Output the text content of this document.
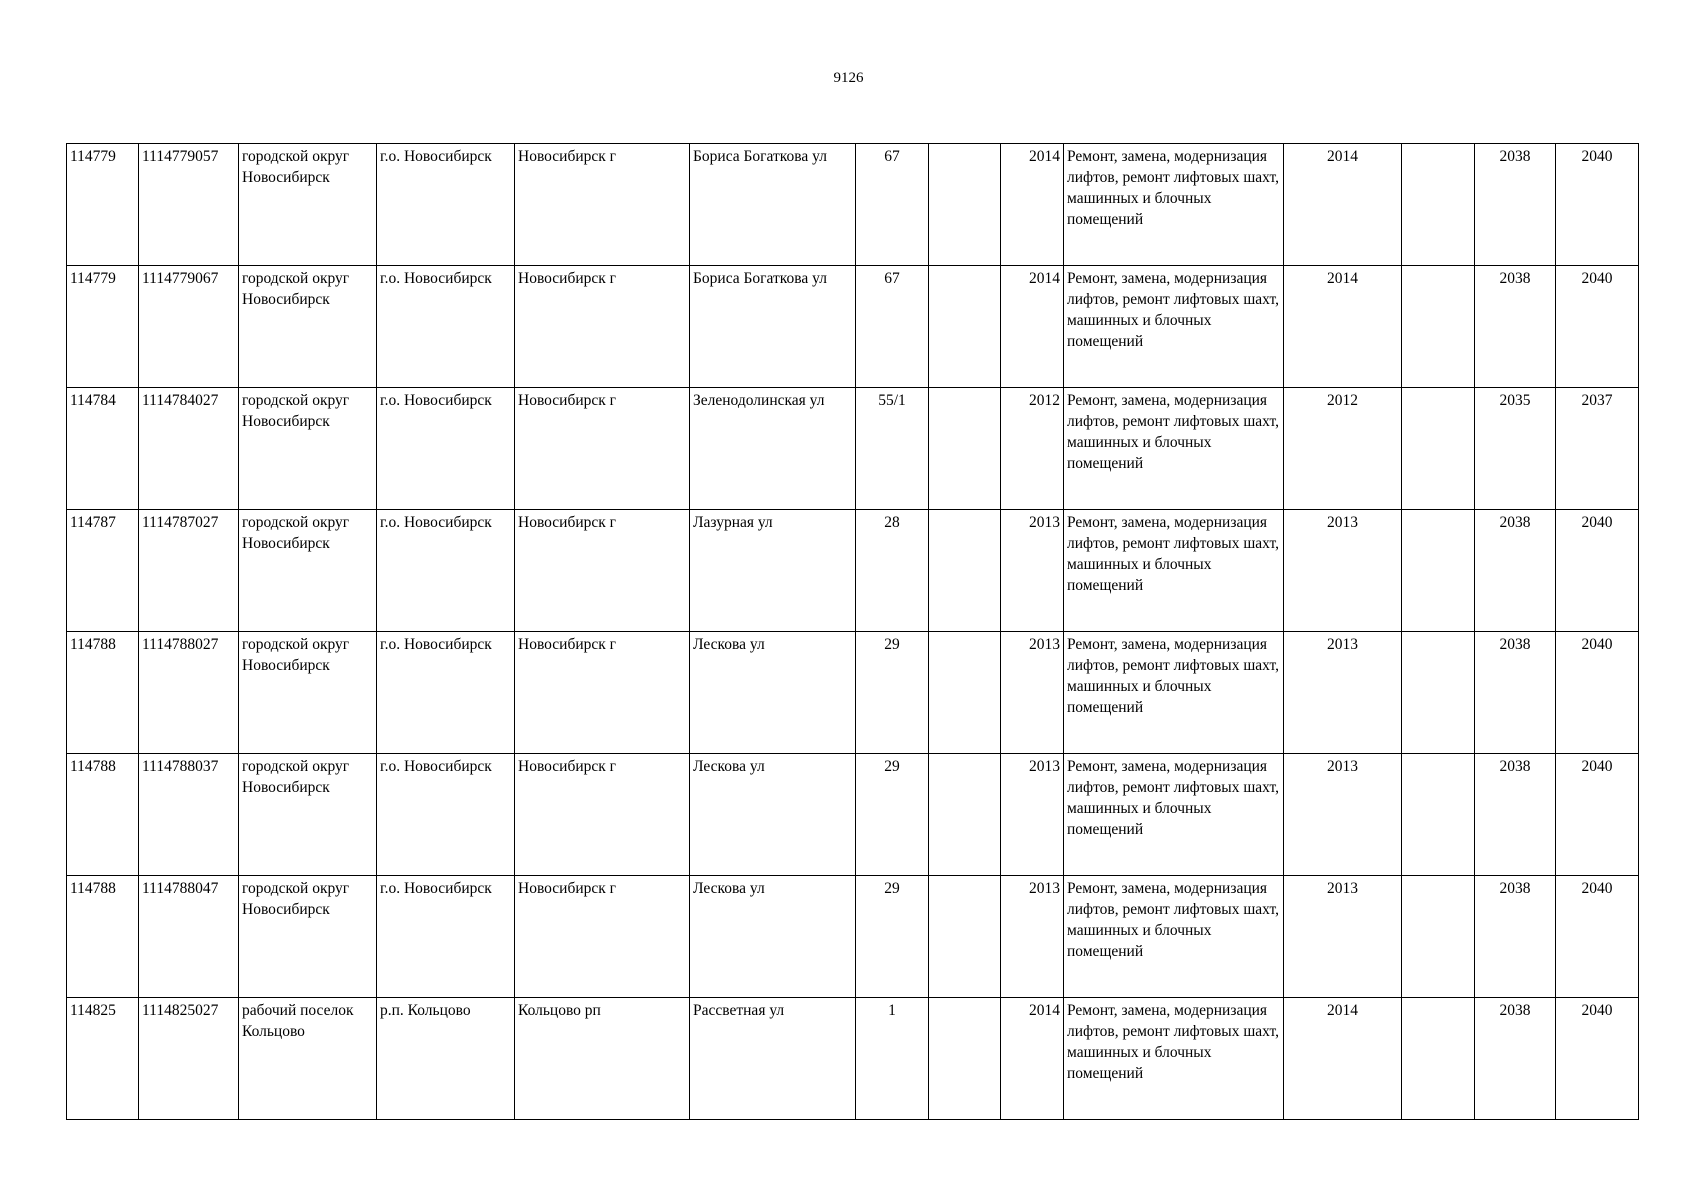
9126
114779	1114779057	городской округ Новосибирск	г.о. Новосибирск	Новосибирск г	Бориса Богаткова ул	67		2014	Ремонт, замена, модернизация лифтов, ремонт лифтовых шахт, машинных и блочных помещений	2014		2038	2040
114779	1114779067	городской округ Новосибирск	г.о. Новосибирск	Новосибирск г	Бориса Богаткова ул	67		2014	Ремонт, замена, модернизация лифтов, ремонт лифтовых шахт, машинных и блочных помещений	2014		2038	2040
114784	1114784027	городской округ Новосибирск	г.о. Новосибирск	Новосибирск г	Зеленодолинская ул	55/1		2012	Ремонт, замена, модернизация лифтов, ремонт лифтовых шахт, машинных и блочных помещений	2012		2035	2037
114787	1114787027	городской округ Новосибирск	г.о. Новосибирск	Новосибирск г	Лазурная ул	28		2013	Ремонт, замена, модернизация лифтов, ремонт лифтовых шахт, машинных и блочных помещений	2013		2038	2040
114788	1114788027	городской округ Новосибирск	г.о. Новосибирск	Новосибирск г	Лескова ул	29		2013	Ремонт, замена, модернизация лифтов, ремонт лифтовых шахт, машинных и блочных помещений	2013		2038	2040
114788	1114788037	городской округ Новосибирск	г.о. Новосибирск	Новосибирск г	Лескова ул	29		2013	Ремонт, замена, модернизация лифтов, ремонт лифтовых шахт, машинных и блочных помещений	2013		2038	2040
114788	1114788047	городской округ Новосибирск	г.о. Новосибирск	Новосибирск г	Лескова ул	29		2013	Ремонт, замена, модернизация лифтов, ремонт лифтовых шахт, машинных и блочных помещений	2013		2038	2040
114825	1114825027	рабочий поселок Кольцово	р.п. Кольцово	Кольцово рп	Рассветная ул	1		2014	Ремонт, замена, модернизация лифтов, ремонт лифтовых шахт, машинных и блочных помещений	2014		2038	2040
